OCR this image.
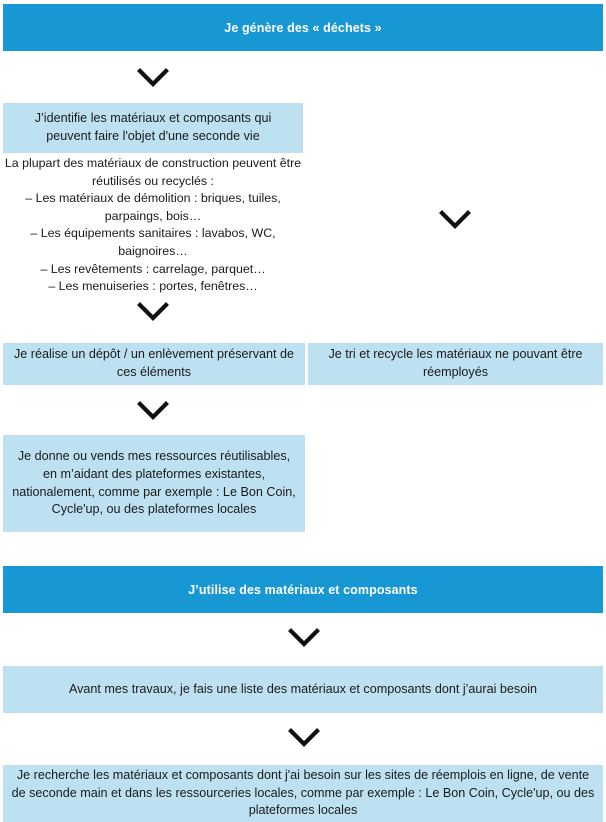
Je génère des « déchets »
J’identifie les matériaux et composants qui peuvent faire l'objet d'une seconde vie
La plupart des matériaux de construction peuvent être réutilisés ou recyclés :
– Les matériaux de démolition : briques, tuiles, parpaings, bois…
– Les équipements sanitaires : lavabos, WC, baignoires…
– Les revêtements : carrelage, parquet…
– Les menuiseries : portes, fenêtres…
Je réalise un dépôt / un enlèvement préservant de ces éléments
Je tri et recycle les matériaux ne pouvant être réemployés
Je donne ou vends mes ressources réutilisables, en m’aidant des plateformes existantes, nationalement, comme par exemple : Le Bon Coin, Cycle'up, ou des plateformes locales
J’utilise des matériaux et composants
Avant mes travaux, je fais une liste des matériaux et composants dont j’aurai besoin
Je recherche les matériaux et composants dont j'ai besoin sur les sites de réemplois en ligne, de vente de seconde main et dans les ressourceries locales, comme par exemple : Le Bon Coin, Cycle'up, ou des plateformes locales
